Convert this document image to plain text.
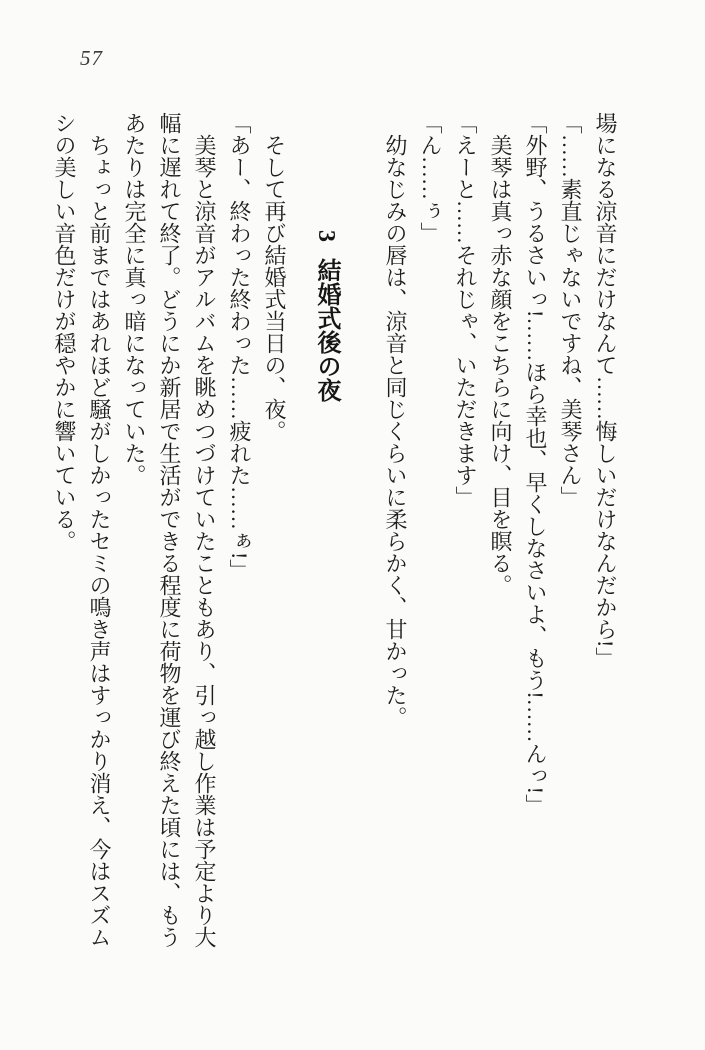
57

場になる涼音にだけなんて……悔しいだけなんだから!」

「……素直じゃないですね、美琴さん」

「外野、うるさいっ!……ほら幸也、早くしなさいよ、もう!……んっ!」

美琴は真っ赤な顔をこちらに向け、目を瞑る。

「えーと……それじゃ、いただきます」

「ん……ぅ」

幼なじみの唇は、涼音と同じくらいに柔らかく、甘かった。

3結婚式後の夜

そして再び結婚式当日の、夜。

「あー、終わった終わった……疲れた……ぁ!」

美琴と涼音がアルバムを眺めつづけていたこともあり、引っ越し作業は予定より大幅に遅れて終了。どうにか新居で生活ができる程度に荷物を運び終えた頃には、もうあたりは完全に真っ暗になっていた。

ちょっと前まではあれほど騒がしかったセミの鳴き声はすっかり消え、今はスズムシの美しい音色だけが穏やかに響いている。
